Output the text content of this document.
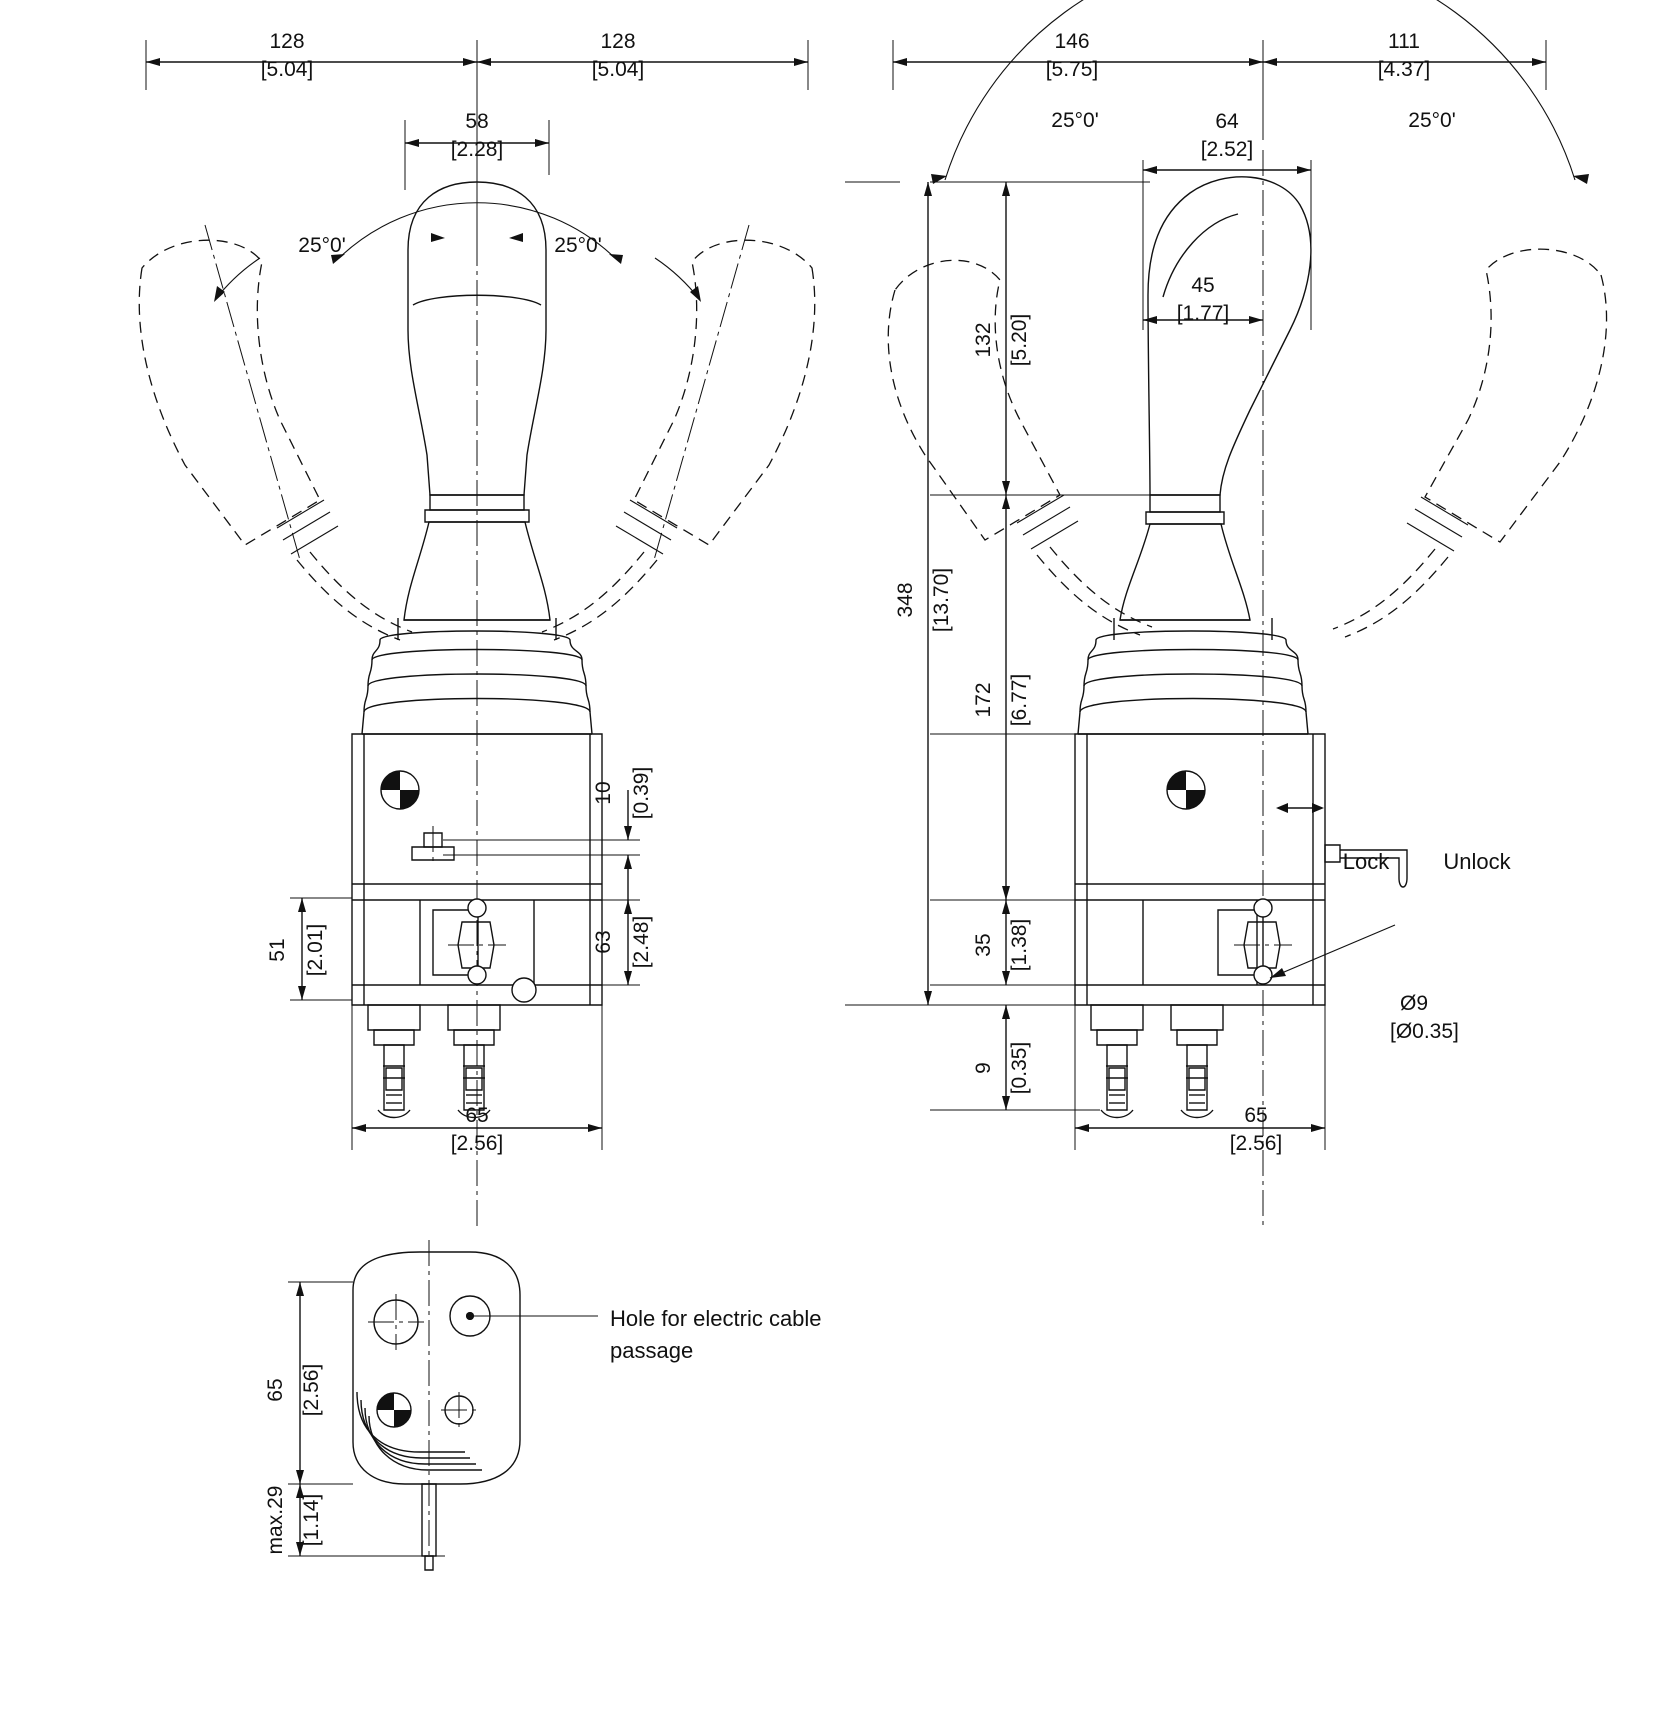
128
[5.04]
128
[5.04]
58
[2.28]
25°0'	25°0'
10 [0.39]
63 [2.48]
51 [2.01]
65
[2.56]
146
[5.75]
111
[4.37]
64
[2.52]
45
[1.77]
25°0'	25°0'
132 [5.20]
348 [13.70]
172 [6.77]
35 [1.38]
9 [0.35]
65
[2.56]
Lock Unlock
Ø9
[Ø0.35]
65 [2.56]
max.29 [1.14]
Hole for electric cable
passage
